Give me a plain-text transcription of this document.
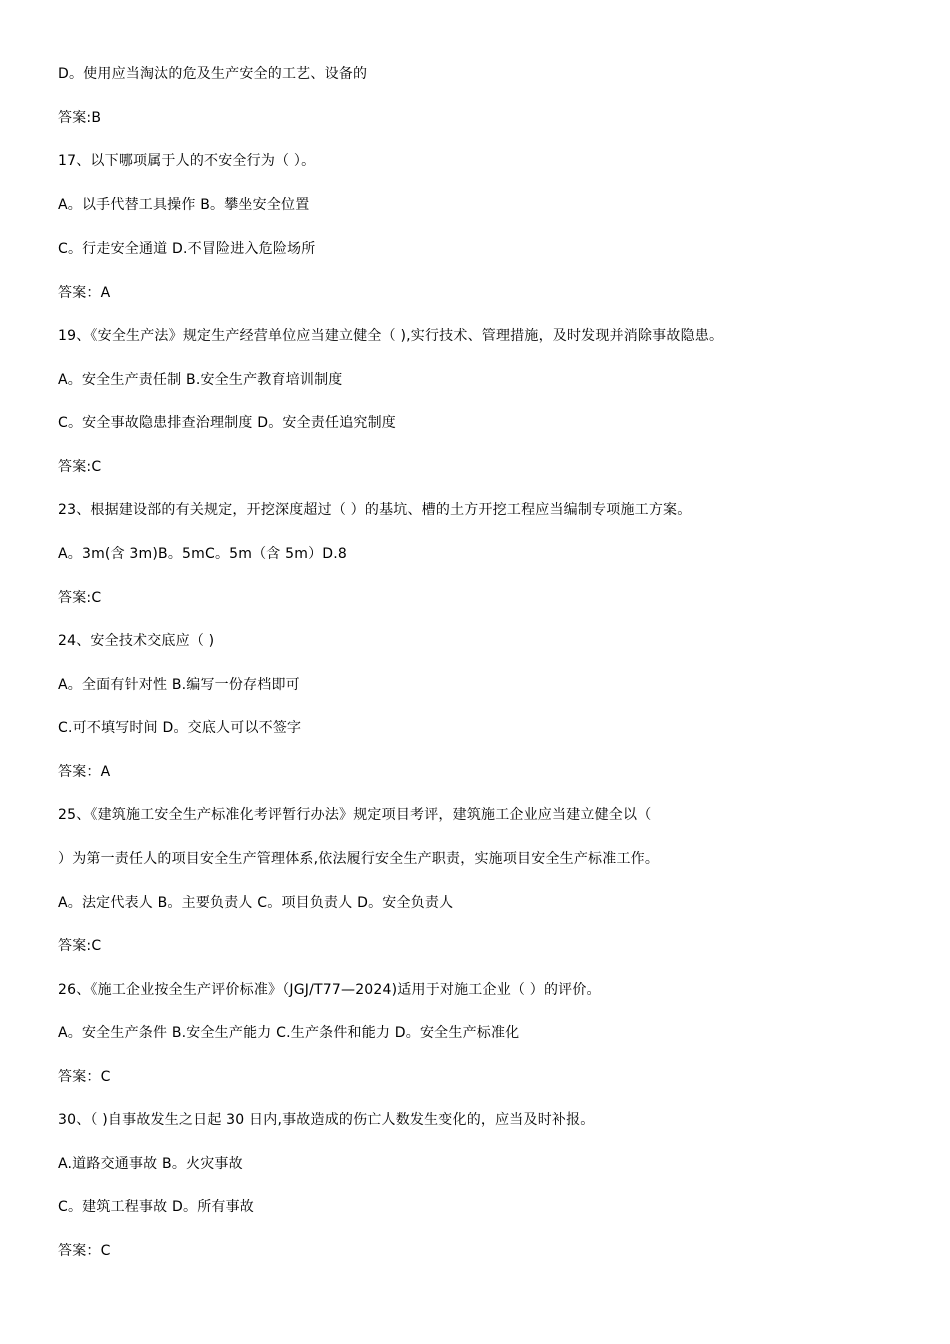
D。使用应当淘汰的危及生产安全的工艺、设备的
答案:B
17、以下哪项属于人的不安全行为（ ）。
A。以手代替工具操作 B。攀坐安全位置
C。行走安全通道 D.不冒险进入危险场所
答案：A
19、《安全生产法》规定生产经营单位应当建立健全（ ),实行技术、管理措施，及时发现并消除事故隐患。
A。安全生产责任制 B.安全生产教育培训制度
C。安全事故隐患排查治理制度 D。安全责任追究制度
答案:C
23、根据建设部的有关规定，开挖深度超过（ ）的基坑、槽的土方开挖工程应当编制专项施工方案。
A。3m(含 3m)B。5mC。5m（含 5m）D.8
答案:C
24、安全技术交底应（ )
A。全面有针对性 B.编写一份存档即可
C.可不填写时间 D。交底人可以不签字
答案：A
25、《建筑施工安全生产标准化考评暂行办法》规定项目考评，建筑施工企业应当建立健全以（
）为第一责任人的项目安全生产管理体系,依法履行安全生产职责，实施项目安全生产标准工作。
A。法定代表人 B。主要负责人 C。项目负责人 D。安全负责人
答案:C
26、《施工企业按全生产评价标准》（JGJ/T77—2024)适用于对施工企业（ ）的评价。
A。安全生产条件 B.安全生产能力 C.生产条件和能力 D。安全生产标准化
答案：C
30、（ )自事故发生之日起 30 日内,事故造成的伤亡人数发生变化的，应当及时补报。
A.道路交通事故 B。火灾事故
C。建筑工程事故 D。所有事故
答案：C
